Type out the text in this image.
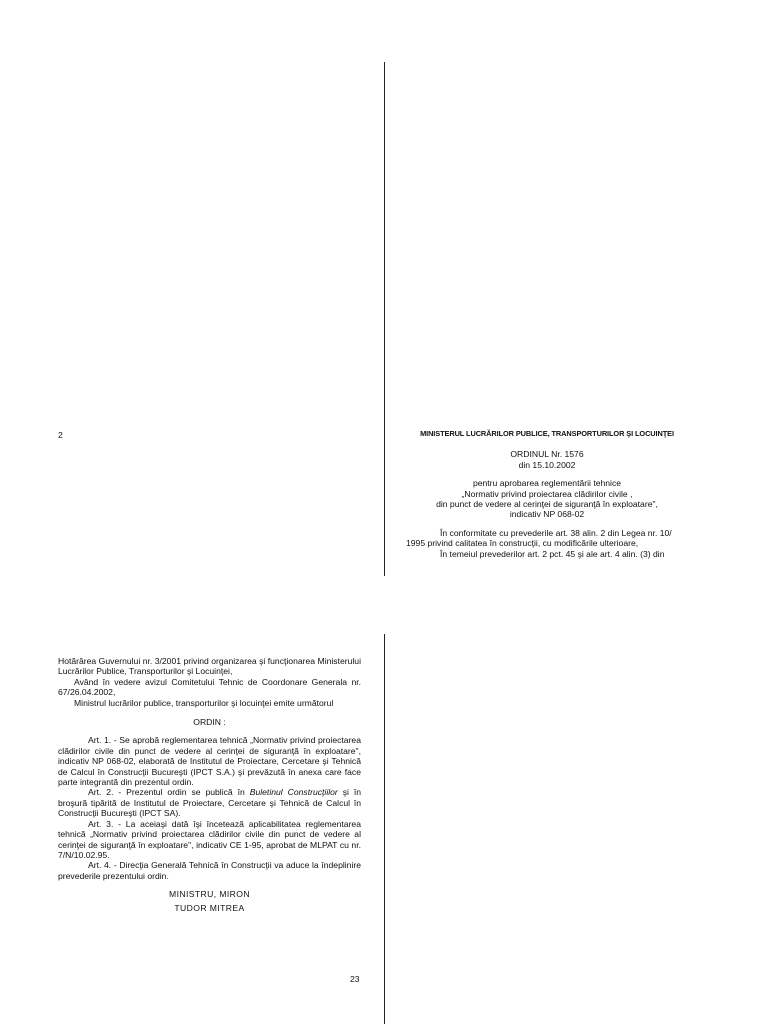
2	MINISTERUL LUCRĂRILOR PUBLICE, TRANSPORTURILOR ŞI LOCUINŢEI
ORDINUL Nr. 1576
din 15.10.2002
pentru aprobarea reglementării tehnice
„Normativ privind proiectarea clădirilor civile ,
din punct de vedere al cerinţei de siguranţă în exploatare",
indicativ NP 068-02
În conformitate cu prevederile art. 38 alin. 2 din Legea nr. 10/
1995 privind calitatea în construcţii, cu modificările ulterioare,
În temeiul prevederilor art. 2 pct. 45 şi ale art. 4 alin. (3) din

Hotărârea Guvernului nr. 3/2001 privind organizarea şi funcţionarea Ministerului Lucrărilor Publice, Transporturilor şi Locuinţei,

Având în vedere avizul Comitetului Tehnic de Coordonare Generala nr. 67/26.04.2002,

Ministrul lucrărilor publice, transporturilor şi locuinţei emite următorul

ORDIN :

Art. 1. - Se aprobă reglementarea tehnică „Normativ privind proiectarea clădirilor civile din punct de vedere al cerinţei de siguranţă în exploatare", indicativ NP 068-02, elaborată de Institutul de Proiectare, Cercetare şi Tehnică de Calcul în Construcţii Bucureşti (IPCT S.A.) şi prevăzută în anexa care face parte integrantă din prezentul ordin.

Art. 2. - Prezentul ordin se publică în Buletinul Construcţiilor şi în broşură tipărită de Institutul de Proiectare, Cercetare şi Tehnică de Calcul în Construcţii Bucureşti (IPCT SA).

Art. 3. - La aceiaşi dată îşi încetează aplicabilitatea reglementarea tehnică „Normativ privind proiectarea clădirilor civile din punct de vedere al cerinţei de siguranţă în exploatare", indicativ CE 1-95, aprobat de MLPAT cu nr. 7/N/10.02.95.

Art. 4. - Direcţia Generală Tehnică în Construcţii va aduce la îndeplinire prevederile prezentului ordin.

MINISTRU, MIRON
TUDOR MITREA
23
